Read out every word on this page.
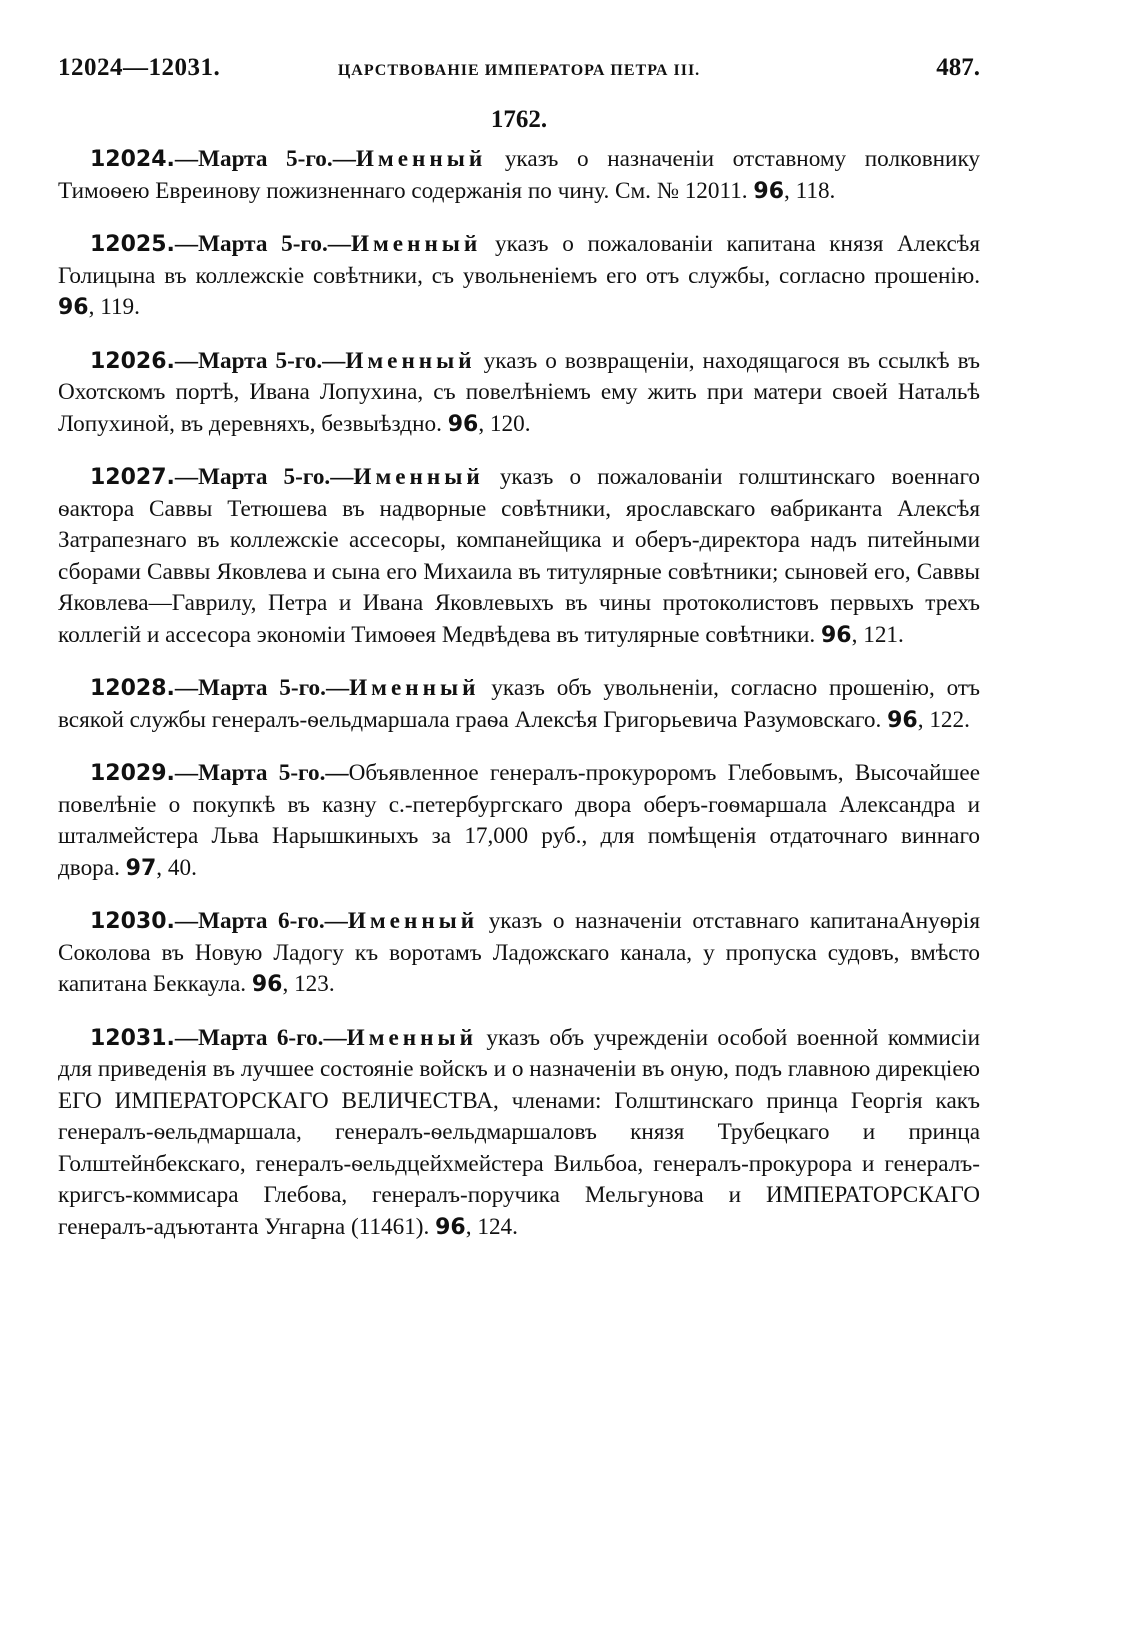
12024—12031.	ЦАРСТВОВАНІЕ ИМПЕРАТОРА ПЕТРА III.	487.
1762.

12024.—Марта 5-го.—Именный указъ о назначеніи отставному полковнику Тимоѳею Евреинову пожизненнаго содержанія по чину. См. № 12011. 96, 118.

12025.—Марта 5-го.—Именный указъ о пожалованіи капитана князя Алексѣя Голицына въ коллежскіе совѣтники, съ увольненіемъ его отъ службы, согласно прошенію. 96, 119.

12026.—Марта 5-го.—Именный указъ о возвращеніи, находящагося въ ссылкѣ въ Охотскомъ портѣ, Ивана Лопухина, съ повелѣніемъ ему жить при матери своей Натальѣ Лопухиной, въ деревняхъ, безвыѣздно. 96, 120.

12027.—Марта 5-го.—Именный указъ о пожалованіи голштинскаго военнаго ѳактора Саввы Тетюшева въ надворные совѣтники, ярославскаго ѳабриканта Алексѣя Затрапезнаго въ коллежскіе ассесоры, компанейщика и оберъ-директора надъ питейными сборами Саввы Яковлева и сына его Михаила въ титулярные совѣтники; сыновей его, Саввы Яковлева—Гаврилу, Петра и Ивана Яковлевыхъ въ чины протоколистовъ первыхъ трехъ коллегій и ассесора экономіи Тимоѳея Медвѣдева въ титулярные совѣтники. 96, 121.

12028.—Марта 5-го.—Именный указъ объ увольненіи, согласно прошенію, отъ всякой службы генералъ-ѳельдмаршала граѳа Алексѣя Григорьевича Разумовскаго. 96, 122.

12029.—Марта 5-го.—Объявленное генералъ-прокуроромъ Глебовымъ, Высочайшее повелѣніе о покупкѣ въ казну с.-петербургскаго двора оберъ-гоѳмаршала Александра и шталмейстера Льва Нарышкиныхъ за 17,000 руб., для помѣщенія отдаточнаго виннаго двора. 97, 40.

12030.—Марта 6-го.—Именный указъ о назначеніи отставнаго капитанаАнуѳрія Соколова въ Новую Ладогу къ воротамъ Ладожскаго канала, у пропуска судовъ, вмѣсто капитана Беккаула. 96, 123.

12031.—Марта 6-го.—Именный указъ объ учрежденіи особой военной коммисіи для приведенія въ лучшее состояніе войскъ и о назначеніи въ оную, подъ главною дирекціею ЕГО ИМПЕРАТОРСКАГО ВЕЛИЧЕСТВА, членами: Голштинскаго принца Георгія какъ генералъ-ѳельдмаршала, генералъ-ѳельдмаршаловъ князя Трубецкаго и принца Голштейнбекскаго, генералъ-ѳельдцейхмейстера Вильбоа, генералъ-прокурора и генералъ-кригсъ-коммисара Глебова, генералъ-поручика Мельгунова и ИМПЕРАТОРСКАГО генералъ-адъютанта Унгарна (11461). 96, 124.
